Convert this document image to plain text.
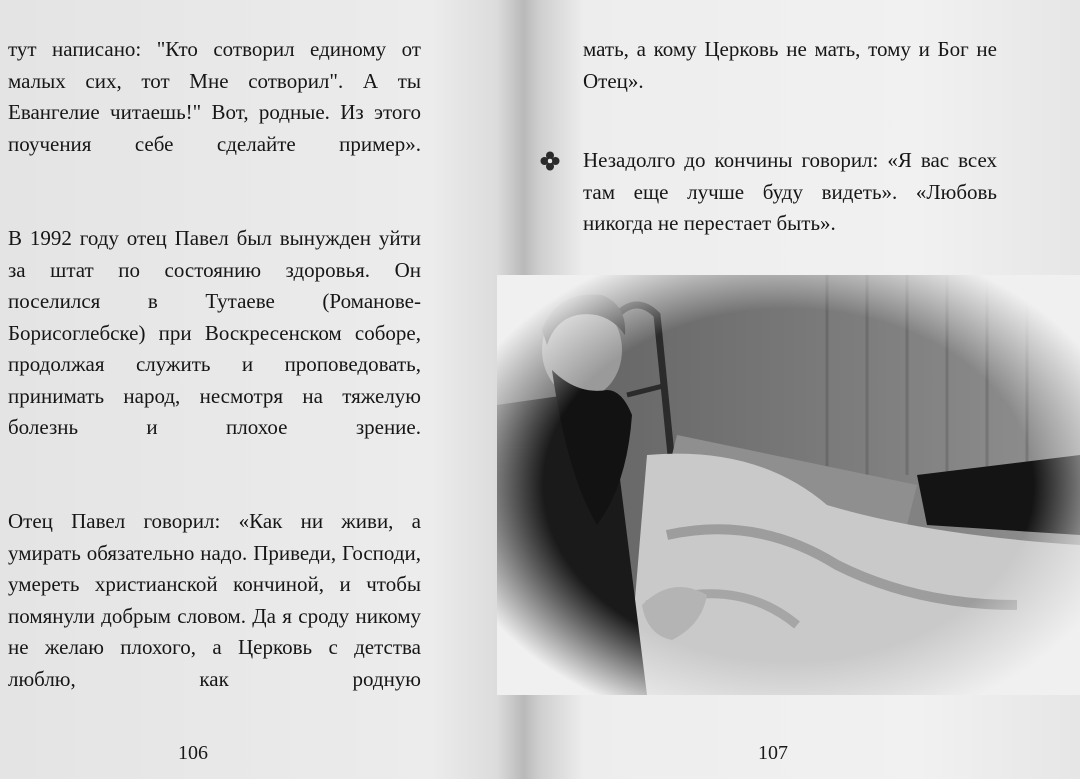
тут написано: "Кто сотворил единому от малых сих, тот Мне сотворил". А ты Евангелие читаешь!" Вот, родные. Из этого поучения себе сделайте пример».

В 1992 году отец Павел был вынужден уйти за штат по состоянию здоровья. Он поселился в Тутаеве (Романове-Борисоглебске) при Воскресенском соборе, продолжая служить и проповедовать, принимать народ, несмотря на тяжелую болезнь и плохое зрение.

Отец Павел говорил: «Как ни живи, а умирать обязательно надо. Приведи, Господи, умереть христианской кончиной, и чтобы помянули добрым словом. Да я сроду никому не желаю плохого, а Церковь с детства люблю, как родную

106

мать, а кому Церковь не мать, тому и Бог не Отец».

Незадолго до кончины говорил: «Я вас всех там еще лучше буду видеть». «Любовь никогда не перестает быть».

107
